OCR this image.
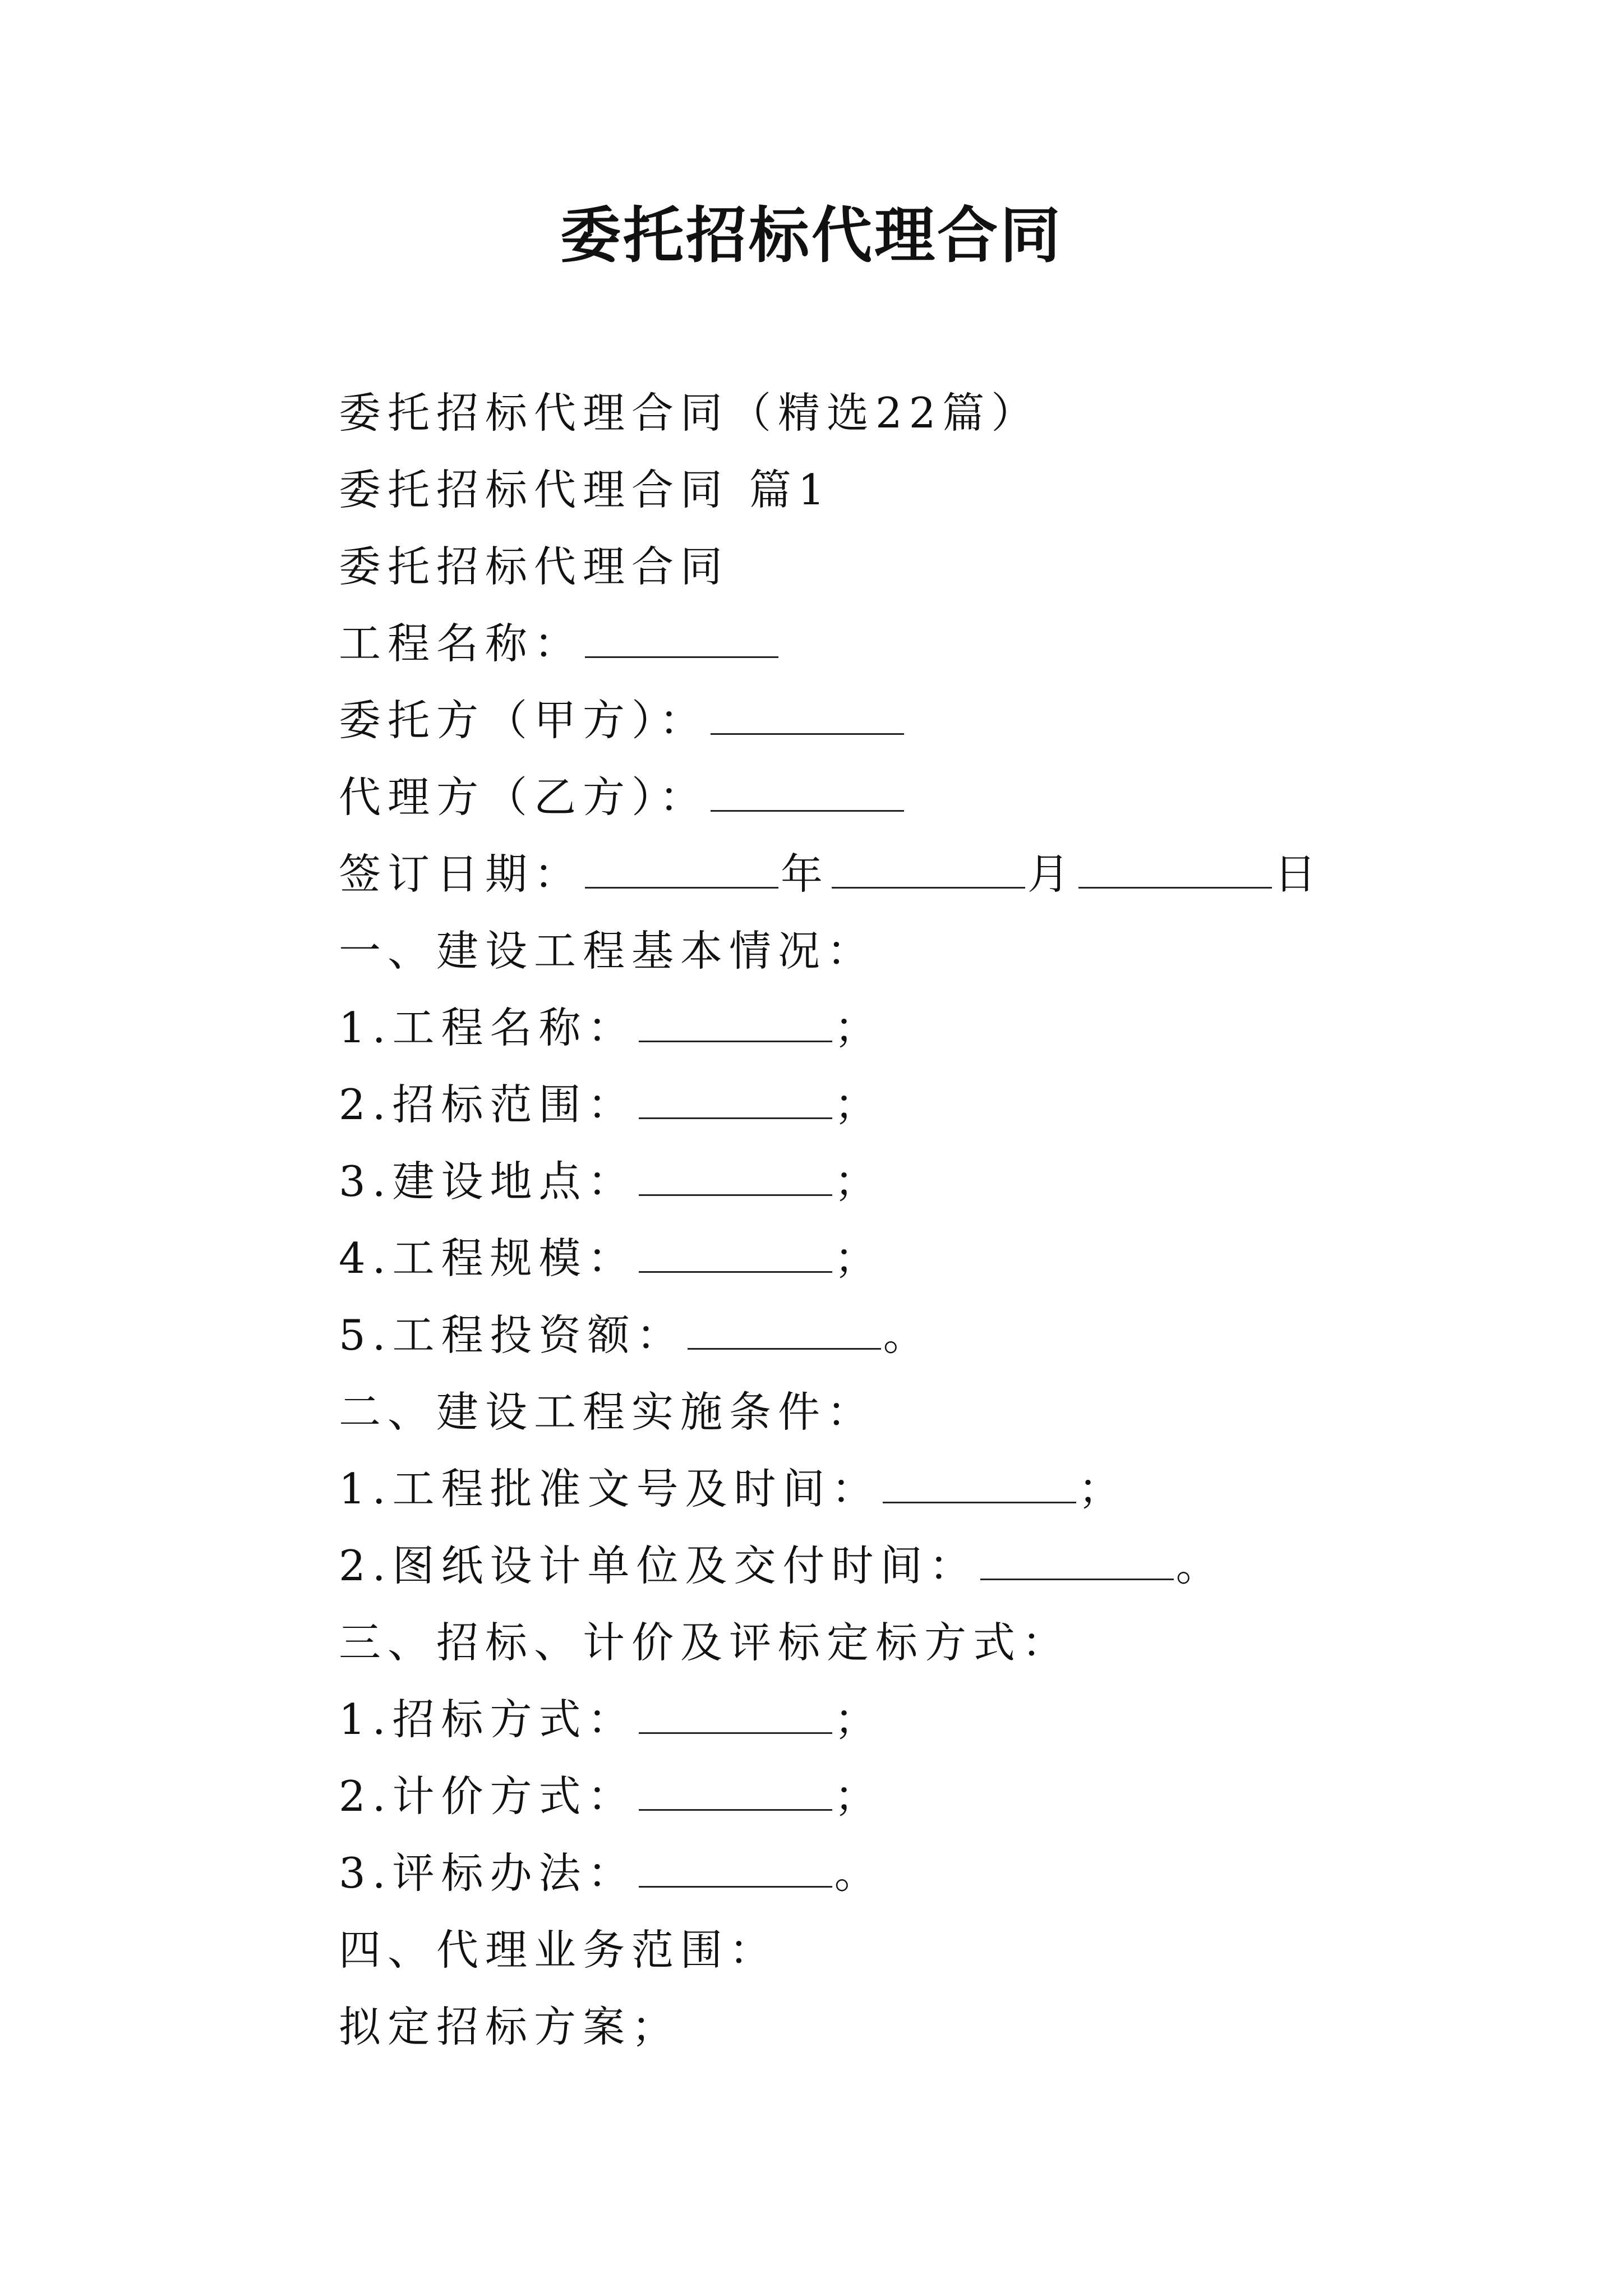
委托招标代理合同
委托招标代理合同（精选22篇）
委托招标代理合同 篇1
委托招标代理合同
工程名称：
委托方（甲方）：
代理方（乙方）：
签订日期：	年	月	日
一、建设工程基本情况：
1.工程名称：	；
2.招标范围：	；
3.建设地点：	；
4.工程规模：	；
5.工程投资额：	。
二、建设工程实施条件：
1.工程批准文号及时间：	；
2.图纸设计单位及交付时间：	。
三、招标、计价及评标定标方式：
1.招标方式：	；
2.计价方式：	；
3.评标办法：	。
四、代理业务范围：
拟定招标方案；
